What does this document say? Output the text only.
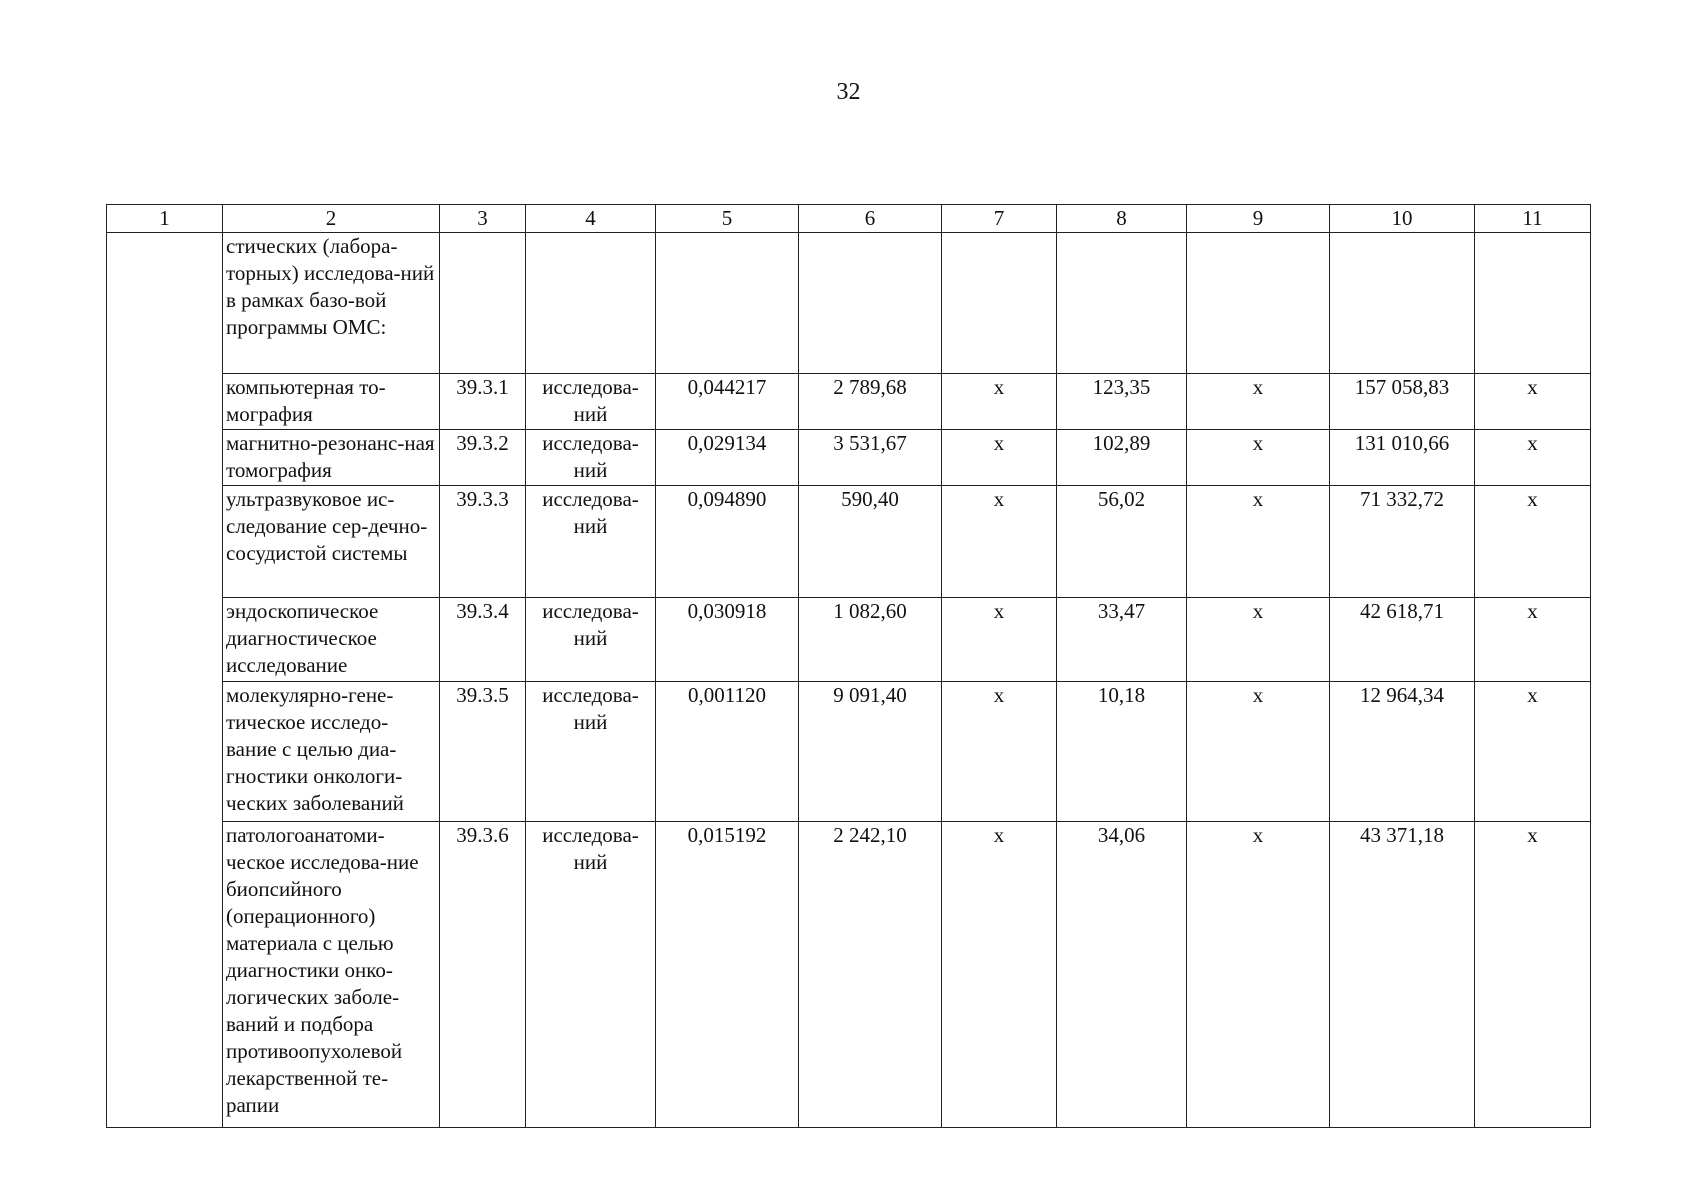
32
1	2	3	4	5	6	7	8	9	10	11
	стических (лабора-торных) исследова-ний в рамках базо-вой программы ОМС:									
	компьютерная то-мография	39.3.1	исследова-ний	0,044217	2 789,68	х	123,35	х	157 058,83	х
	магнитно-резонанс-ная томография	39.3.2	исследова-ний	0,029134	3 531,67	х	102,89	х	131 010,66	х
	ультразвуковое ис-следование сер-дечно-сосудистой системы	39.3.3	исследова-ний	0,094890	590,40	х	56,02	х	71 332,72	х
	эндоскопическое диагностическое исследование	39.3.4	исследова-ний	0,030918	1 082,60	х	33,47	х	42 618,71	х
	молекулярно-гене-тическое исследо-вание с целью диа-гностики онкологи-ческих заболеваний	39.3.5	исследова-ний	0,001120	9 091,40	х	10,18	х	12 964,34	х
	патологоанатоми-ческое исследова-ние биопсийного (операционного) материала с целью диагностики онко-логических заболе-ваний и подбора противоопухолевой лекарственной те-рапии	39.3.6	исследова-ний	0,015192	2 242,10	х	34,06	х	43 371,18	х
